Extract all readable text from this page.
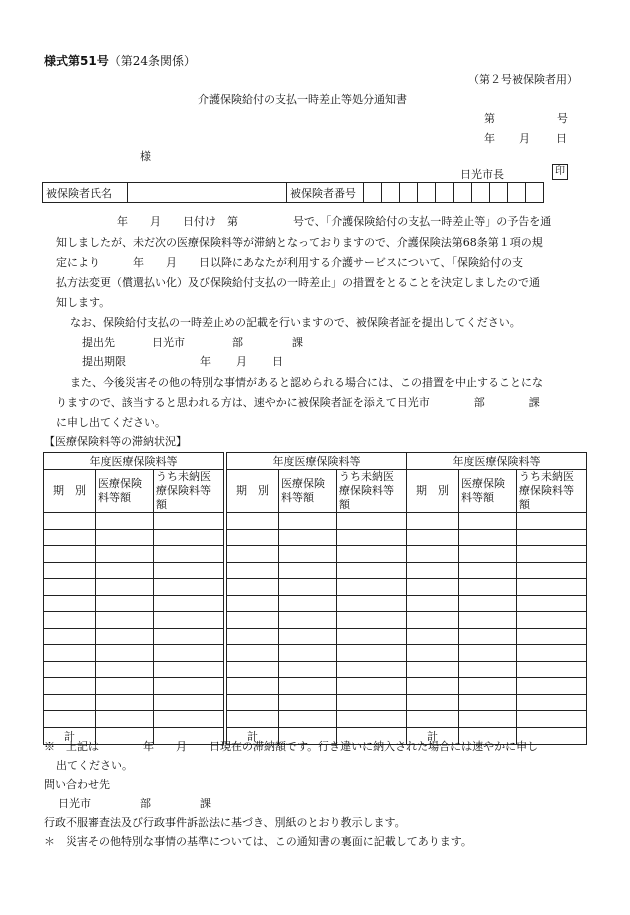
様式第51号（第24条関係）
（第２号被保険者用）
介護保険給付の支払一時差止等処分通知書
第	号
年 月 日
様
日光市長	印
被保険者氏名		被保険者番号										
年　　月　　日付け　第　　　　　号で、「介護保険給付の支払一時差止等」の予告を通
知しましたが、未だ次の医療保険料等が滞納となっておりますので、介護保険法第68条第１項の規
定により　　　年　　月　　日以降にあなたが利用する介護サービスについて、「保険給付の支
払方法変更（償還払い化）及び保険給付支払の一時差止」の措置をとることを決定しましたので通
知します。
なお、保険給付支払の一時差止めの記載を行いますので、被保険者証を提出してください。
提出先	日光市	部	課
提出期限	年 月 日
また、今後災害その他の特別な事情があると認められる場合には、この措置を中止することにな
りますので、該当すると思われる方は、速やかに被保険者証を添えて日光市　　　　部　　　　課
に申し出てください。
【医療保険料等の滞納状況】
年度医療保険料等		
期　別	医療保険料等額	うち未納医療保険料等額

計		
年度医療保険料等		
期　別	医療保険料等額	うち未納医療保険料等額

計		
年度医療保険料等		
期　別	医療保険料等額	うち未納医療保険料等額

計		
※　上記は　　　　年　　月　　日現在の滞納額です。行き違いに納入された場合には速やかに申し
出てください。
問い合わせ先
日光市	部	課
行政不服審査法及び行政事件訴訟法に基づき、別紙のとおり教示します。
＊　災害その他特別な事情の基準については、この通知書の裏面に記載してあります。
